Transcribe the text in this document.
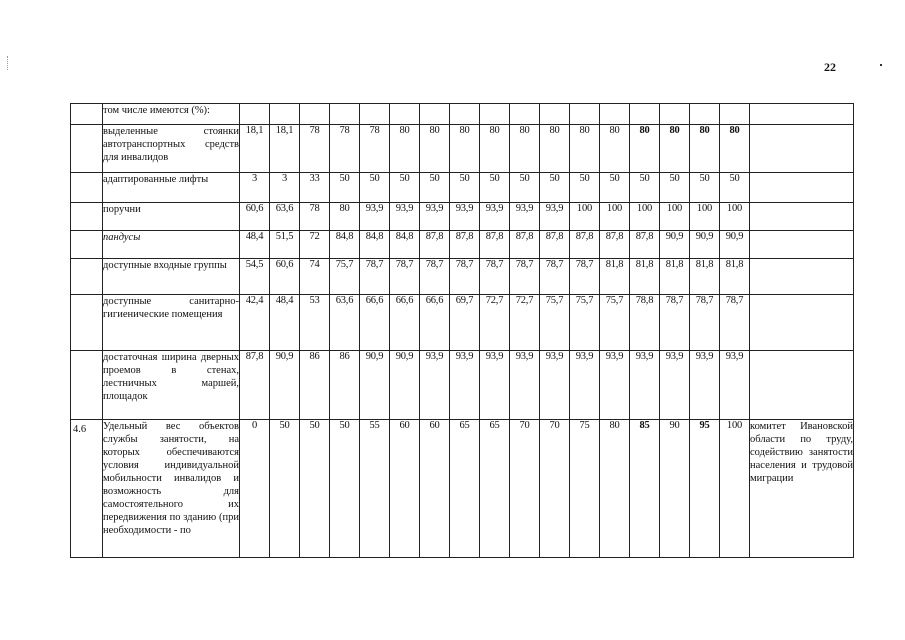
22
	том числе имеются (%):																		
	выделенные стоянки автотранспортных средств для инвалидов	18,1	18,1	78	78	78	80	80	80	80	80	80	80	80	80	80	80	80	
	адаптированные лифты	3	3	33	50	50	50	50	50	50	50	50	50	50	50	50	50	50	
	поручни	60,6	63,6	78	80	93,9	93,9	93,9	93,9	93,9	93,9	93,9	100	100	100	100	100	100	
	пандусы	48,4	51,5	72	84,8	84,8	84,8	87,8	87,8	87,8	87,8	87,8	87,8	87,8	87,8	90,9	90,9	90,9	
	доступные входные группы	54,5	60,6	74	75,7	78,7	78,7	78,7	78,7	78,7	78,7	78,7	78,7	81,8	81,8	81,8	81,8	81,8	
	доступные санитарно-гигиенические помещения	42,4	48,4	53	63,6	66,6	66,6	66,6	69,7	72,7	72,7	75,7	75,7	75,7	78,8	78,7	78,7	78,7	
	достаточная ширина дверных проемов в стенах, лестничных маршей, площадок	87,8	90,9	86	86	90,9	90,9	93,9	93,9	93,9	93,9	93,9	93,9	93,9	93,9	93,9	93,9	93,9	
4.6	Удельный вес объектов службы занятости, на которых обеспечиваются условия индивидуальной мобильности инвалидов и возможность для самостоятельного их передвижения по зданию (при необходимости - по	0	50	50	50	55	60	60	65	65	70	70	75	80	85	90	95	100	комитет Ивановской области по труду, содействию занятости населения и трудовой миграции
